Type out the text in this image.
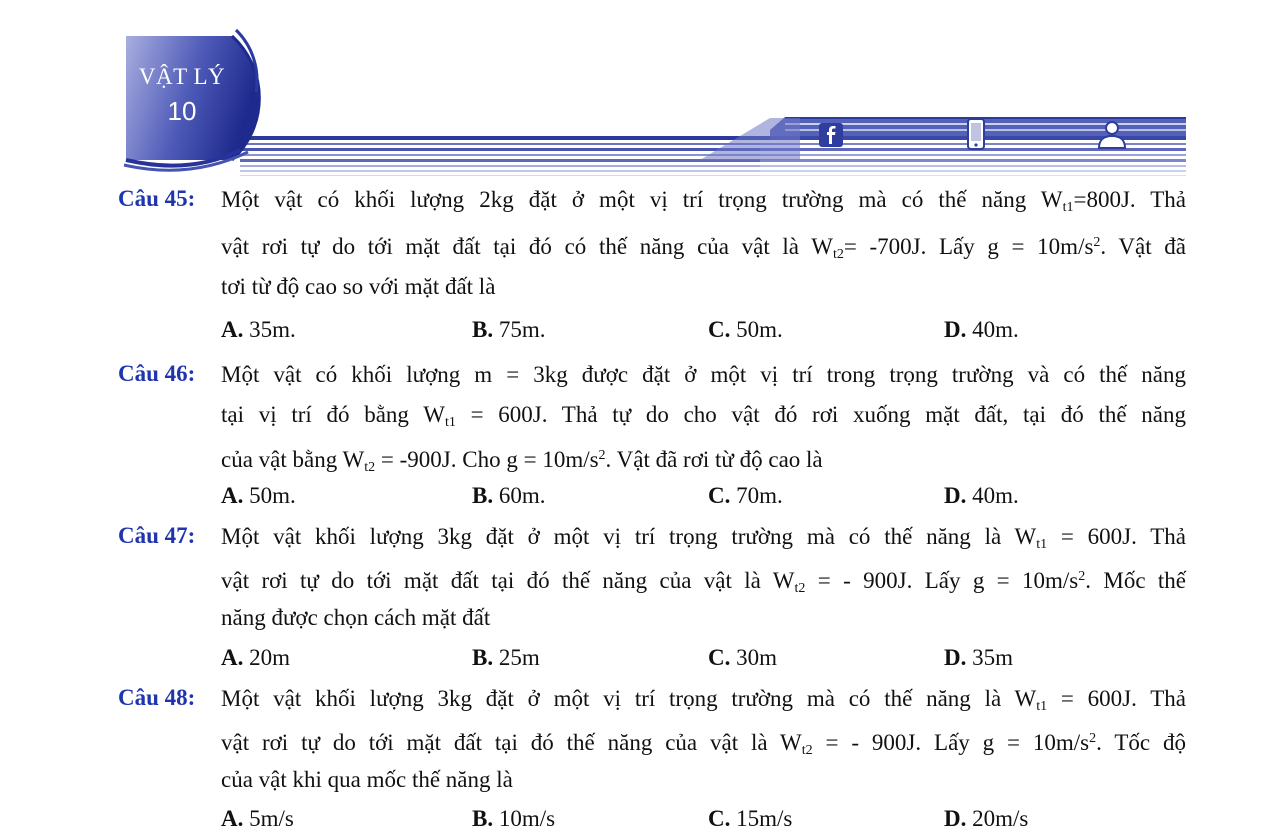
VẬT LÝ
10
Câu 45: Một vật có khối lượng 2kg đặt ở một vị trí trọng trường mà có thế năng $W_{t1}=800J$. Thả
vật rơi tự do tới mặt đất tại đó có thế năng của vật là $W_{t2}= -700J$. Lấy $g = 10m/s^2$. Vật đã
tơi từ độ cao so với mặt đất là
A. 35m.	B. 75m.	C. 50m.	D. 40m.
Câu 46: Một vật có khối lượng m = 3kg được đặt ở một vị trí trong trọng trường và có thế năng
tại vị trí đó bằng $W_{t1} = 600J$. Thả tự do cho vật đó rơi xuống mặt đất, tại đó thế năng
của vật bằng $W_{t2} = -900J$. Cho $g = 10m/s^2$. Vật đã rơi từ độ cao là
A. 50m.	B. 60m.	C. 70m.	D. 40m.
Câu 47: Một vật khối lượng 3kg đặt ở một vị trí trọng trường mà có thế năng là $W_{t1} = 600J$. Thả
vật rơi tự do tới mặt đất tại đó thế năng của vật là $W_{t2}$ = - 900J. Lấy $g = 10m/s^2$. Mốc thế
năng được chọn cách mặt đất
A. 20m	B. 25m	C. 30m	D. 35m
Câu 48: Một vật khối lượng 3kg đặt ở một vị trí trọng trường mà có thế năng là $W_{t1} = 600J$. Thả
vật rơi tự do tới mặt đất tại đó thế năng của vật là $W_{t2}$ = - 900J. Lấy $g = 10m/s^2$. Tốc độ
của vật khi qua mốc thế năng là
A. 5m/s	B. 10m/s	C. 15m/s	D. 20m/s
